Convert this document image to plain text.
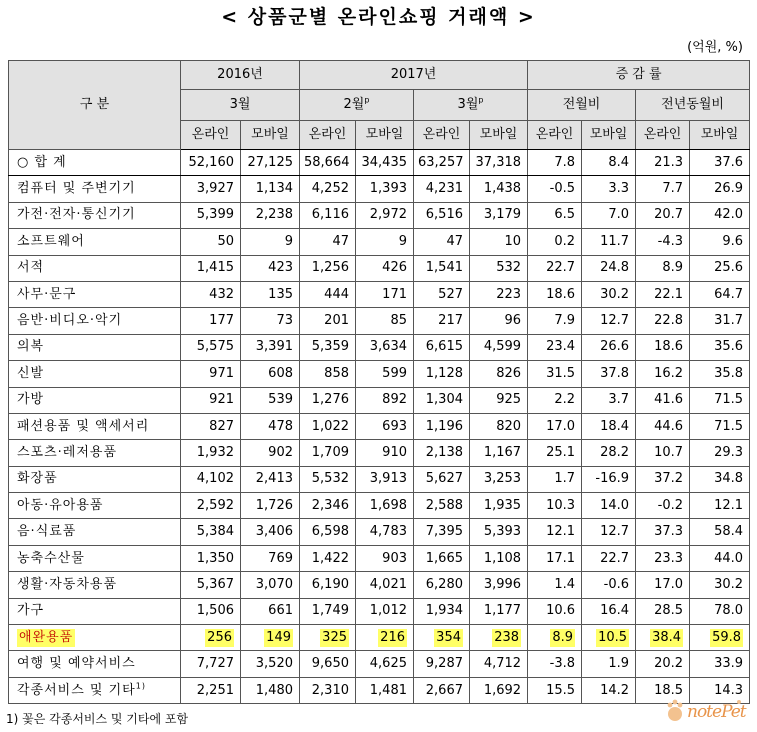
< 상품군별 온라인쇼핑 거래액 >
(억원, %)
구 분	2016년		2017년				증 감 률			
	3월		2월$^p$		3월$^p$		전월비		전년동월비	
	온라인	모바일	온라인	모바일	온라인	모바일	온라인	모바일	온라인	모바일
○ 합 계	52,160	27,125	58,664	34,435	63,257	37,318	7.8	8.4	21.3	37.6
컴퓨터 및 주변기기	3,927	1,134	4,252	1,393	4,231	1,438	-0.5	3.3	7.7	26.9
가전·전자·통신기기	5,399	2,238	6,116	2,972	6,516	3,179	6.5	7.0	20.7	42.0
소프트웨어	50	9	47	9	47	10	0.2	11.7	-4.3	9.6
서적	1,415	423	1,256	426	1,541	532	22.7	24.8	8.9	25.6
사무·문구	432	135	444	171	527	223	18.6	30.2	22.1	64.7
음반·비디오·악기	177	73	201	85	217	96	7.9	12.7	22.8	31.7
의복	5,575	3,391	5,359	3,634	6,615	4,599	23.4	26.6	18.6	35.6
신발	971	608	858	599	1,128	826	31.5	37.8	16.2	35.8
가방	921	539	1,276	892	1,304	925	2.2	3.7	41.6	71.5
패션용품 및 액세서리	827	478	1,022	693	1,196	820	17.0	18.4	44.6	71.5
스포츠·레저용품	1,932	902	1,709	910	2,138	1,167	25.1	28.2	10.7	29.3
화장품	4,102	2,413	5,532	3,913	5,627	3,253	1.7	-16.9	37.2	34.8
아동·유아용품	2,592	1,726	2,346	1,698	2,588	1,935	10.3	14.0	-0.2	12.1
음·식료품	5,384	3,406	6,598	4,783	7,395	5,393	12.1	12.7	37.3	58.4
농축수산물	1,350	769	1,422	903	1,665	1,108	17.1	22.7	23.3	44.0
생활·자동차용품	5,367	3,070	6,190	4,021	6,280	3,996	1.4	-0.6	17.0	30.2
가구	1,506	661	1,749	1,012	1,934	1,177	10.6	16.4	28.5	78.0
애완용품	256	149	325	216	354	238	8.9	10.5	38.4	59.8
여행 및 예약서비스	7,727	3,520	9,650	4,625	9,287	4,712	-3.8	1.9	20.2	33.9
각종서비스 및 기타$^{1)}$	2,251	1,480	2,310	1,481	2,667	1,692	15.5	14.2	18.5	14.3
1) 꽃은 각종서비스 및 기타에 포함	notePet
